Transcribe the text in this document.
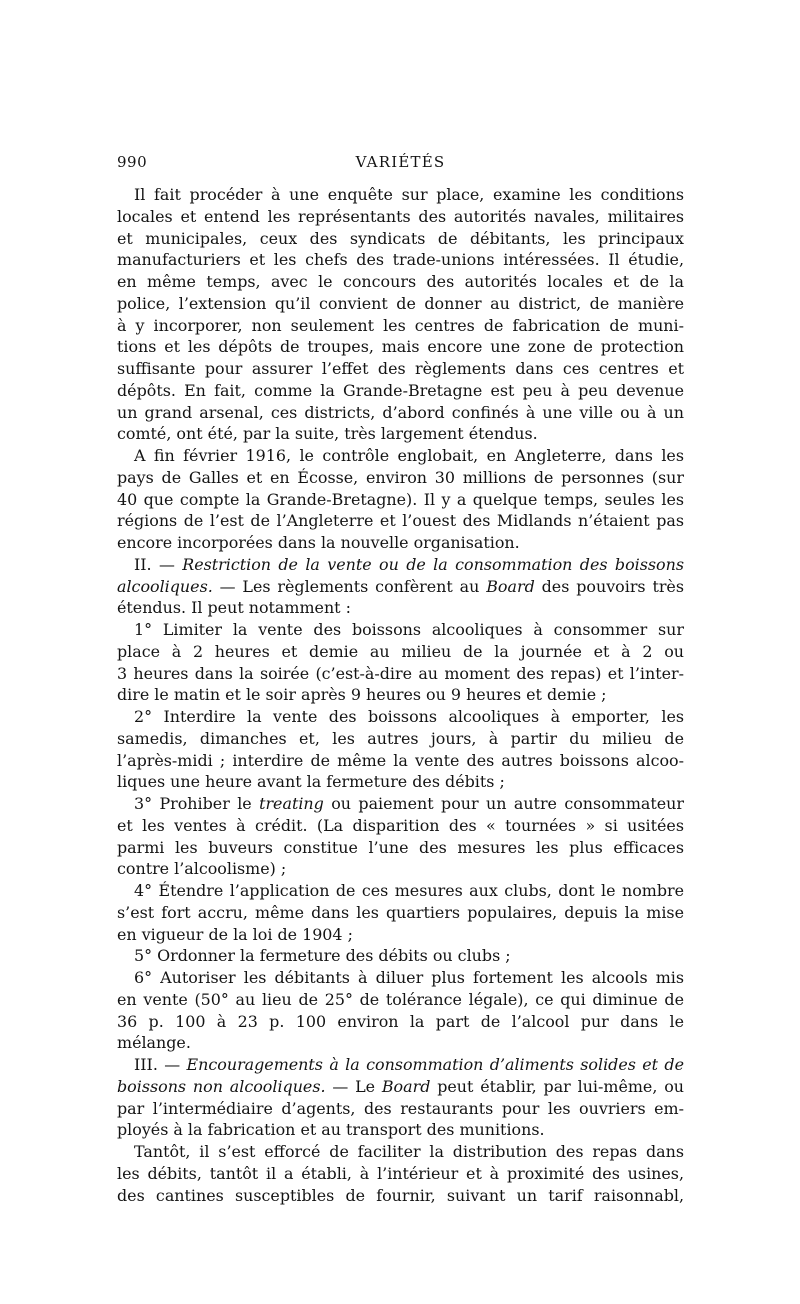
990	VARIÉTÉS
Il fait procéder à une enquête sur place, examine les conditions
locales et entend les représentants des autorités navales, militaires
et municipales, ceux des syndicats de débitants, les principaux
manufacturiers et les chefs des trade-unions intéressées. Il étudie,
en même temps, avec le concours des autorités locales et de la
police, l’extension qu’il convient de donner au district, de manière
à y incorporer, non seulement les centres de fabrication de muni-
tions et les dépôts de troupes, mais encore une zone de protection
suffisante pour assurer l’effet des règlements dans ces centres et
dépôts. En fait, comme la Grande-Bretagne est peu à peu devenue
un grand arsenal, ces districts, d’abord confinés à une ville ou à un
comté, ont été, par la suite, très largement étendus.
A fin février 1916, le contrôle englobait, en Angleterre, dans les
pays de Galles et en Écosse, environ 30 millions de personnes (sur
40 que compte la Grande-Bretagne). Il y a quelque temps, seules les
régions de l’est de l’Angleterre et l’ouest des Midlands n’étaient pas
encore incorporées dans la nouvelle organisation.
II. — Restriction de la vente ou de la consommation des boissons
alcooliques. — Les règlements confèrent au Board des pouvoirs très
étendus. Il peut notamment :
1° Limiter la vente des boissons alcooliques à consommer sur
place à 2 heures et demie au milieu de la journée et à 2 ou
3 heures dans la soirée (c’est-à-dire au moment des repas) et l’inter-
dire le matin et le soir après 9 heures ou 9 heures et demie ;
2° Interdire la vente des boissons alcooliques à emporter, les
samedis, dimanches et, les autres jours, à partir du milieu de
l’après-midi ; interdire de même la vente des autres boissons alcoo-
liques une heure avant la fermeture des débits ;
3° Prohiber le treating ou paiement pour un autre consommateur
et les ventes à crédit. (La disparition des « tournées » si usitées
parmi les buveurs constitue l’une des mesures les plus efficaces
contre l’alcoolisme) ;
4° Étendre l’application de ces mesures aux clubs, dont le nombre
s’est fort accru, même dans les quartiers populaires, depuis la mise
en vigueur de la loi de 1904 ;
5° Ordonner la fermeture des débits ou clubs ;
6° Autoriser les débitants à diluer plus fortement les alcools mis
en vente (50° au lieu de 25° de tolérance légale), ce qui diminue de
36 p. 100 à 23 p. 100 environ la part de l’alcool pur dans le
mélange.
III. — Encouragements à la consommation d’aliments solides et de
boissons non alcooliques. — Le Board peut établir, par lui-même, ou
par l’intermédiaire d’agents, des restaurants pour les ouvriers em-
ployés à la fabrication et au transport des munitions.
Tantôt, il s’est efforcé de faciliter la distribution des repas dans
les débits, tantôt il a établi, à l’intérieur et à proximité des usines,
des cantines susceptibles de fournir, suivant un tarif raisonnabl,
